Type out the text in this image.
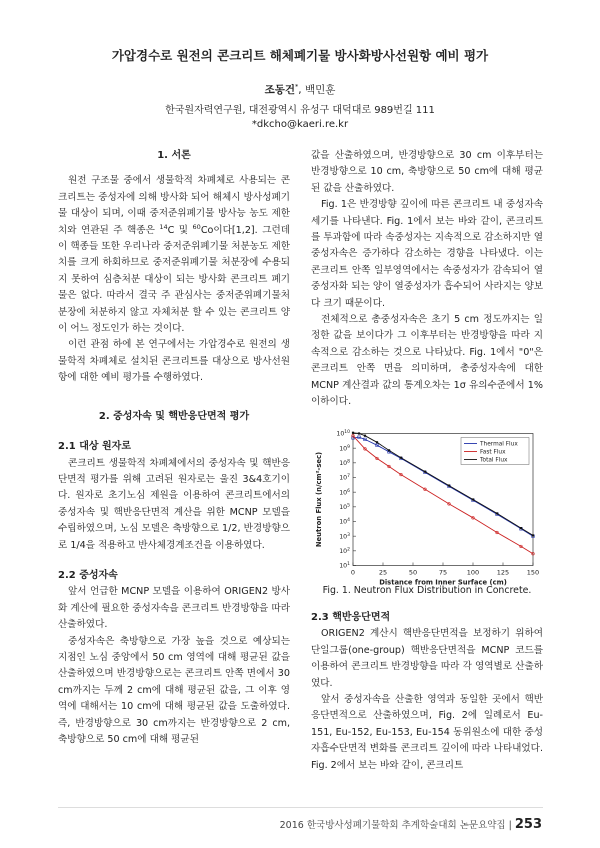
가압경수로 원전의 콘크리트 해체폐기물 방사화방사선원항 예비 평가
조동건*, 백민훈
한국원자력연구원, 대전광역시 유성구 대덕대로 989번길 111
*dkcho@kaeri.re.kr
1. 서론

원전 구조물 중에서 생물학적 차폐체로 사용되는 콘크리트는 중성자에 의해 방사화 되어 해체시 방사성폐기물 대상이 되며, 이때 중저준위폐기물 방사능 농도 제한치와 연관된 주 핵종은 $^{14}$C 및 $^{60}$Co이다[1,2]. 그런데 이 핵종들 또한 우리나라 중저준위폐기물 처분농도 제한치를 크게 하회하므로 중저준위폐기물 처분장에 수용되지 못하여 심층처분 대상이 되는 방사화 콘크리트 폐기물은 없다. 따라서 결국 주 관심사는 중저준위폐기물처분장에 처분하지 않고 자체처분 할 수 있는 콘크리트 양이 어느 정도인가 하는 것이다.

이런 관점 하에 본 연구에서는 가압경수로 원전의 생물학적 차폐체로 설치된 콘크리트를 대상으로 방사선원항에 대한 예비 평가를 수행하였다.

2. 중성자속 및 핵반응단면적 평가
2.1 대상 원자로

콘크리트 생물학적 차폐체에서의 중성자속 및 핵반응단면적 평가를 위해 고려된 원자로는 울진 3&4호기이다. 원자로 초기노심 제원을 이용하여 콘크리트에서의 중성자속 및 핵반응단면적 계산을 위한 MCNP 모델을 수립하였으며, 노심 모델은 축방향으로 1/2, 반경방향으로 1/4을 적용하고 반사체경계조건을 이용하였다.

2.2 중성자속

앞서 언급한 MCNP 모델을 이용하여 ORIGEN2 방사화 계산에 필요한 중성자속을 콘크리트 반경방향을 따라 산출하였다.

중성자속은 축방향으로 가장 높을 것으로 예상되는 지점인 노심 중앙에서 50 cm 영역에 대해 평균된 값을 산출하였으며 반경방향으로는 콘크리트 안쪽 면에서 30 cm까지는 두께 2 cm에 대해 평균된 값을, 그 이후 영역에 대해서는 10 cm에 대해 평균된 값을 도출하였다. 즉, 반경방향으로 30 cm까지는 반경방향으로 2 cm, 축방향으로 50 cm에 대해 평균된

값을 산출하였으며, 반경방향으로 30 cm 이후부터는 반경방향으로 10 cm, 축방향으로 50 cm에 대해 평균된 값을 산출하였다.

Fig. 1은 반경방향 깊이에 따른 콘크리트 내 중성자속 세기를 나타낸다. Fig. 1에서 보는 바와 같이, 콘크리트를 투과함에 따라 속중성자는 지속적으로 감소하지만 열중성자속은 증가하다 감소하는 경향을 나타냈다. 이는 콘크리트 안쪽 일부영역에서는 속중성자가 감속되어 열중성자화 되는 양이 열중성자가 흡수되어 사라지는 양보다 크기 때문이다.

전체적으로 총중성자속은 초기 5 cm 정도까지는 일정한 값을 보이다가 그 이후부터는 반경방향을 따라 지속적으로 감소하는 것으로 나타났다. Fig. 1에서 "0"은 콘크리트 안쪽 면을 의미하며, 총중성자속에 대한 MCNP 계산결과 값의 통계오차는 1σ 유의수준에서 1% 이하이다.

0	25	50	75	100	125	150
$10^1$
$10^2$
$10^3$
$10^4$
$10^5$
$10^6$
$10^7$
$10^8$
$10^9$
$10^{10}$
Distance from Inner Surface (cm)
Neutron Flux (n/cm²-sec)
Thermal Flux
Fast Flux
Total Flux
Fig. 1. Neutron Flux Distribution in Concrete.
2.3 핵반응단면적

ORIGEN2 계산시 핵반응단면적을 보정하기 위하여 단일그룹(one-group) 핵반응단면적을 MCNP 코드를 이용하여 콘크리트 반경방향을 따라 각 영역별로 산출하였다.

앞서 중성자속을 산출한 영역과 동일한 곳에서 핵반응단면적으로 산출하였으며, Fig. 2에 일례로서 Eu-151, Eu-152, Eu-153, Eu-154 동위원소에 대한 중성자흡수단면적 변화를 콘크리트 깊이에 따라 나타내었다. Fig. 2에서 보는 바와 같이, 콘크리트

2016 한국방사성폐기물학회 추계학술대회 논문요약집 | 253
